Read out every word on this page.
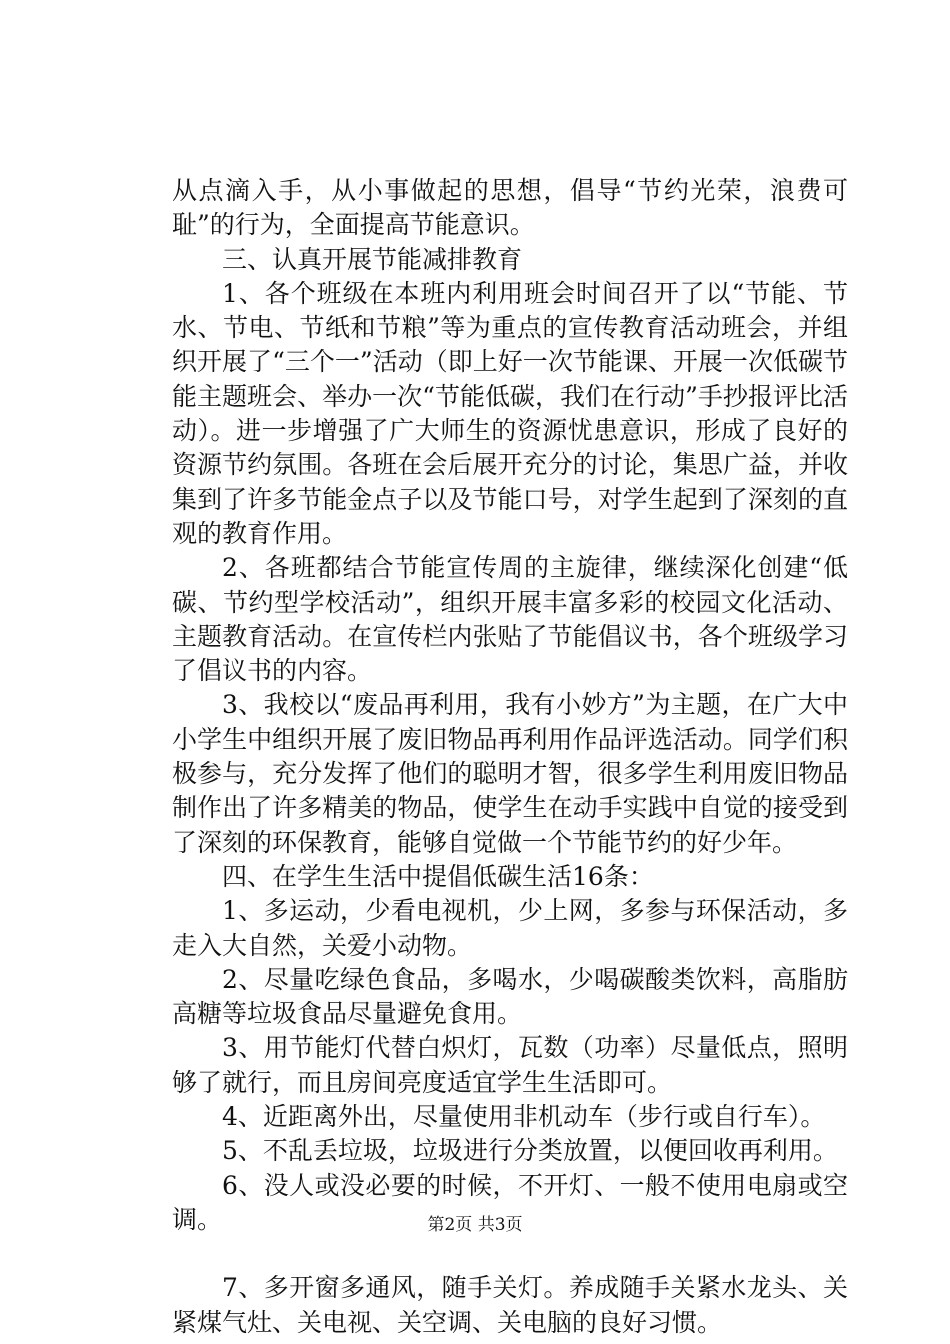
从点滴入手，从小事做起的思想，倡导“节约光荣，浪费可耻”的行为，全面提高节能意识。

三、认真开展节能减排教育

1、各个班级在本班内利用班会时间召开了以“节能、节水、节电、节纸和节粮”等为重点的宣传教育活动班会，并组织开展了“三个一”活动（即上好一次节能课、开展一次低碳节能主题班会、举办一次“节能低碳，我们在行动”手抄报评比活动）。进一步增强了广大师生的资源忧患意识，形成了良好的资源节约氛围。各班在会后展开充分的讨论，集思广益，并收集到了许多节能金点子以及节能口号，对学生起到了深刻的直观的教育作用。

2、各班都结合节能宣传周的主旋律，继续深化创建“低碳、节约型学校活动”，组织开展丰富多彩的校园文化活动、主题教育活动。在宣传栏内张贴了节能倡议书，各个班级学习了倡议书的内容。

3、我校以“废品再利用，我有小妙方”为主题，在广大中小学生中组织开展了废旧物品再利用作品评选活动。同学们积极参与，充分发挥了他们的聪明才智，很多学生利用废旧物品制作出了许多精美的物品，使学生在动手实践中自觉的接受到了深刻的环保教育，能够自觉做一个节能节约的好少年。

四、在学生生活中提倡低碳生活16条：

1、多运动，少看电视机，少上网，多参与环保活动，多走入大自然，关爱小动物。

2、尽量吃绿色食品，多喝水，少喝碳酸类饮料，高脂肪高糖等垃圾食品尽量避免食用。

3、用节能灯代替白炽灯，瓦数（功率）尽量低点，照明够了就行，而且房间亮度适宜学生生活即可。

4、近距离外出，尽量使用非机动车（步行或自行车）。

5、不乱丢垃圾，垃圾进行分类放置，以便回收再利用。

6、没人或没必要的时候，不开灯、一般不使用电扇或空调。

7、多开窗多通风，随手关灯。养成随手关紧水龙头、关紧煤气灶、关电视、关空调、关电脑的良好习惯。

第2页 共3页
